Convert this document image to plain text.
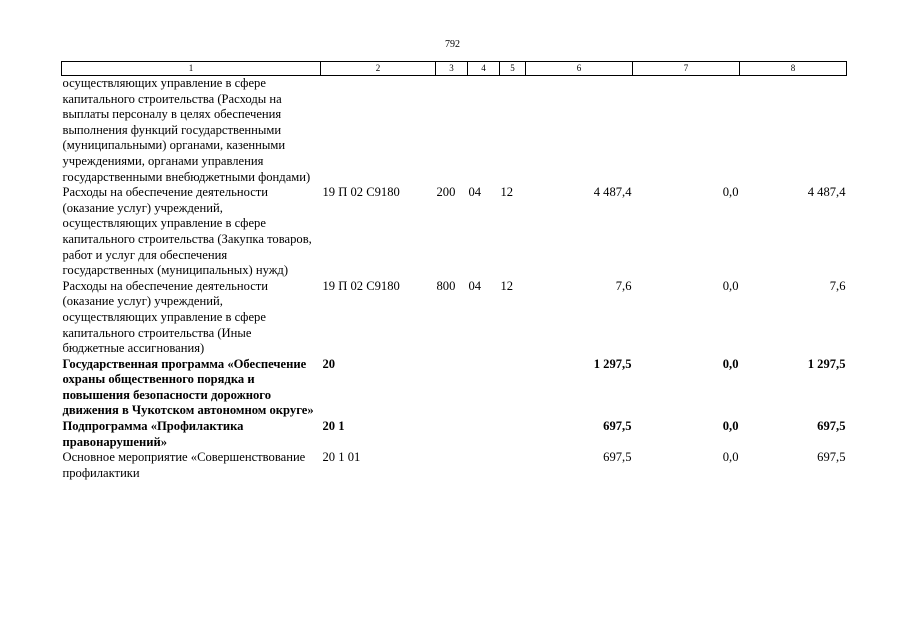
792
1	2	3	4	5	6	7	8
осуществляющих управление в сфере капитального строительства (Расходы на выплаты персоналу в целях обеспечения выполнения функций государственными (муниципальными) органами, казенными учреждениями, органами управления государственными внебюджетными фондами)							
Расходы на обеспечение деятельности (оказание услуг) учреждений, осуществляющих управление в сфере капитального строительства (Закупка товаров, работ и услуг для обеспечения государственных (муниципальных) нужд)	19 П 02 С9180	200	04	12	4 487,4	0,0	4 487,4
Расходы на обеспечение деятельности (оказание услуг) учреждений, осуществляющих управление в сфере капитального строительства (Иные бюджетные ассигнования)	19 П 02 С9180	800	04	12	7,6	0,0	7,6
Государственная программа «Обеспечение охраны общественного порядка и повышения безопасности дорожного движения в Чукотском автономном округе»	20				1 297,5	0,0	1 297,5
Подпрограмма «Профилактика правонарушений»	20 1				697,5	0,0	697,5
Основное мероприятие «Совершенствование профилактики	20 1 01				697,5	0,0	697,5
